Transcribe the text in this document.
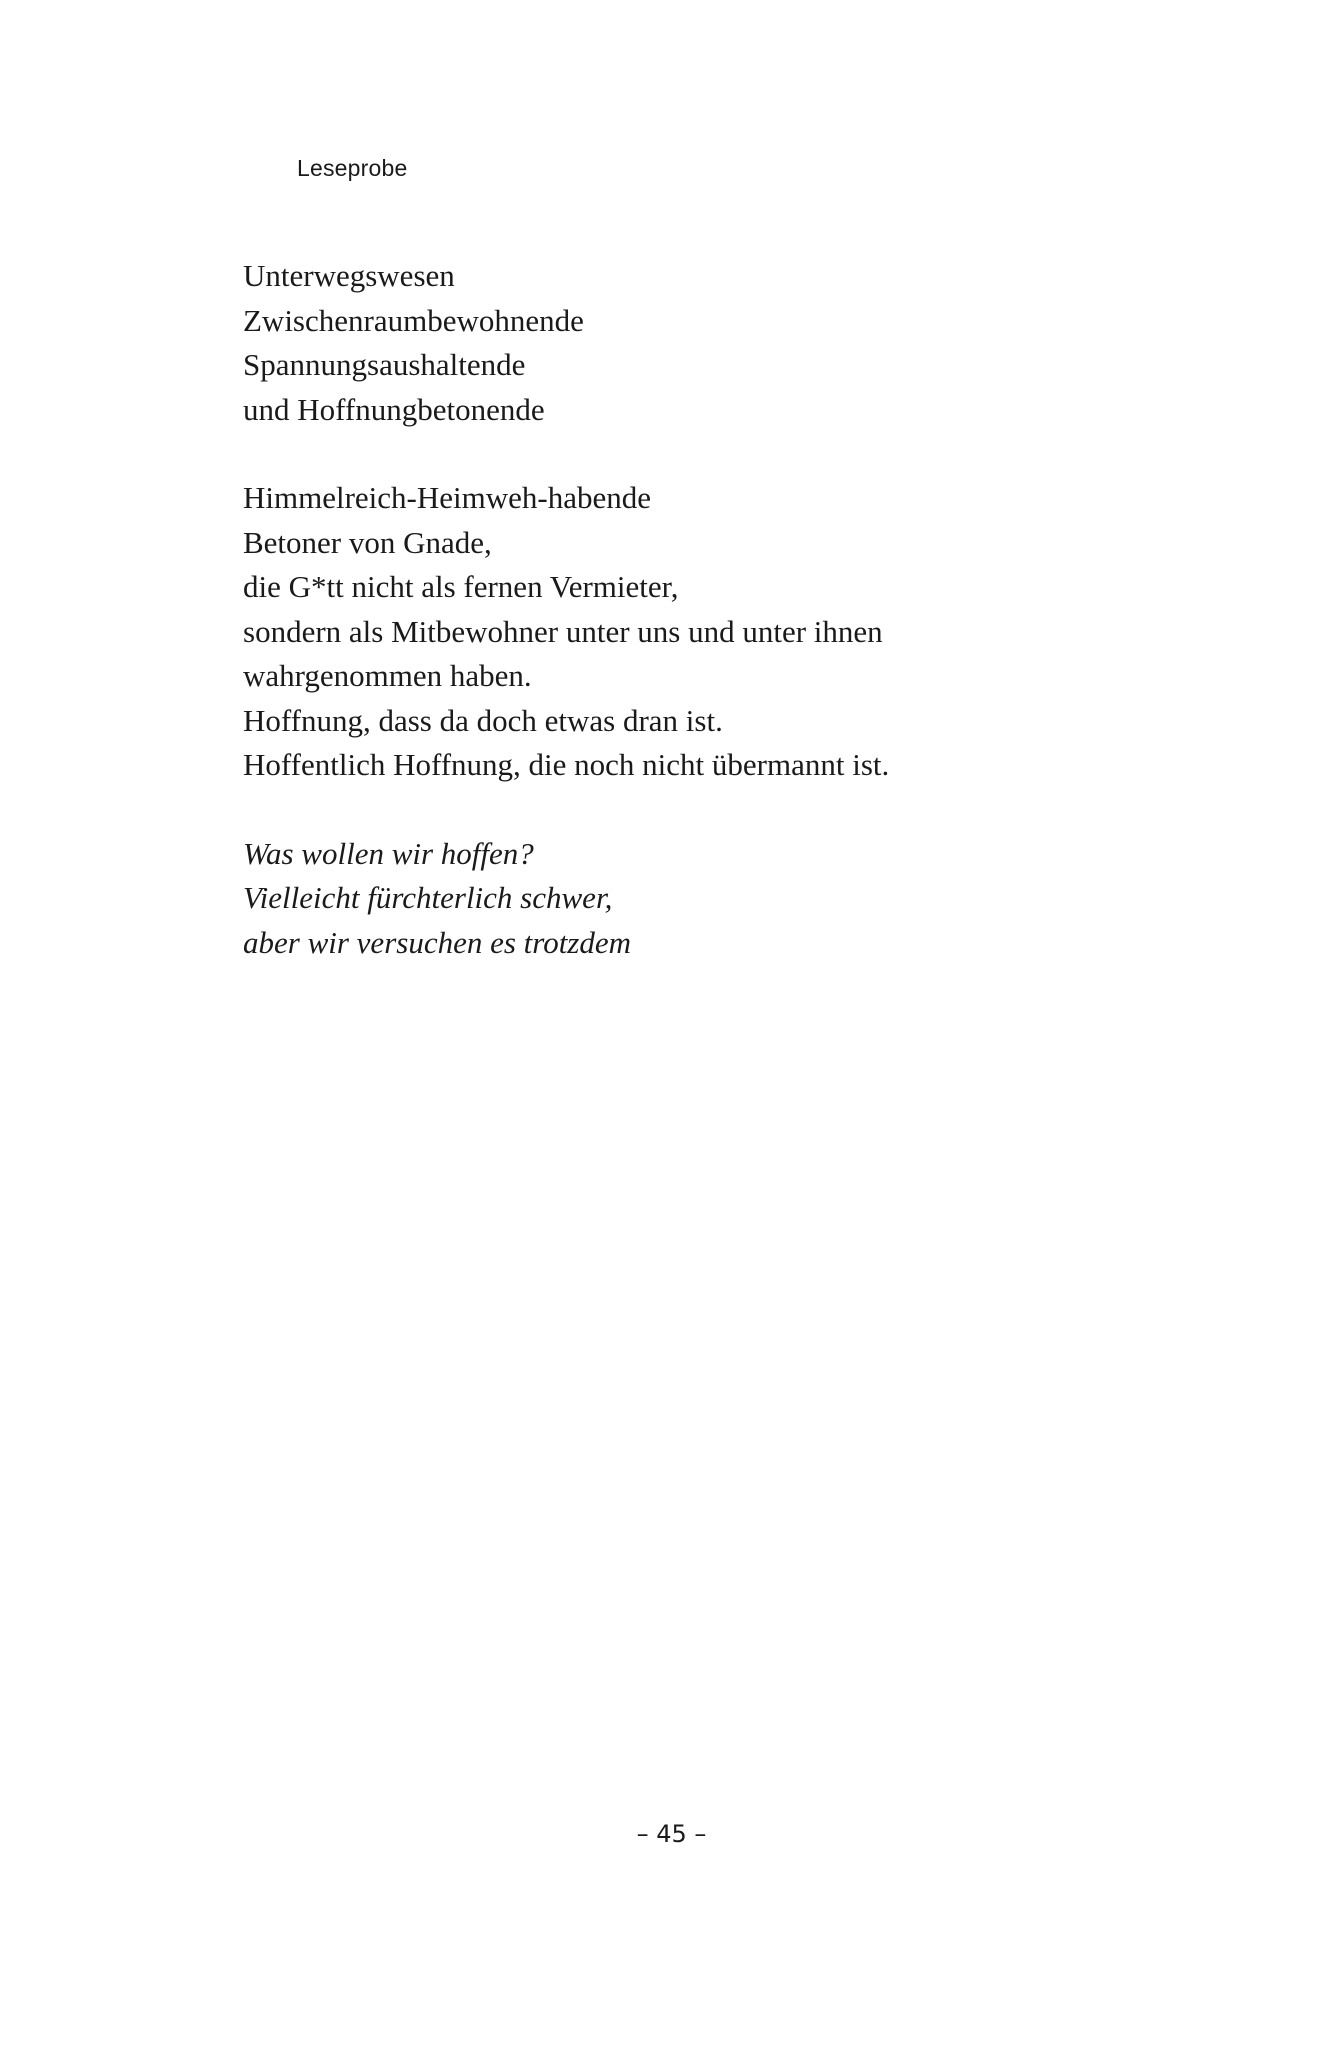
Leseprobe
Unterwegswesen
Zwischenraumbewohnende
Spannungsaushaltende
und Hoffnungbetonende
Himmelreich-Heimweh-habende
Betoner von Gnade,
die G*tt nicht als fernen Vermieter,
sondern als Mitbewohner unter uns und unter ihnen
wahrgenommen haben.
Hoffnung, dass da doch etwas dran ist.
Hoffentlich Hoffnung, die noch nicht übermannt ist.
Was wollen wir hoffen?
Vielleicht fürchterlich schwer,
aber wir versuchen es trotzdem
– 45 –
